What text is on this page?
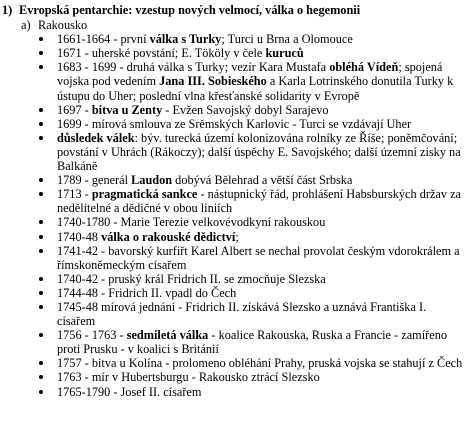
1) Evropská pentarchie: vzestup nových velmocí, válka o hegemonii
a) Rakousko
1661-1664 - první válka s Turky; Turci u Brna a Olomouce
1671 - uherské povstání; E. Tököly v čele kuruců
1683 - 1699 - druhá válka s Turky; vezír Kara Mustafa obléhá Vídeň; spojená vojska pod vedením Jana III. Sobieského a Karla Lotrinského donutila Turky k ústupu do Uher; poslední vlna křesťanské solidarity v Evropě
1697 - bitva u Zenty - Evžen Savojský dobyl Sarajevo
1699 - mírová smlouva ze Srěmských Karlovic - Turci se vzdávají Uher
důsledek válek: býv. turecká území kolonizována rolníky ze Říše; poněmčování; povstání v Uhrách (Rákoczy); další úspěchy E. Savojského; další územní zisky na Balkáně
1789 - generál Laudon dobývá Bělehrad a větší část Srbska
1713 - pragmatická sankce - nástupnický řád, prohlášení Habsburských držav za nedělitelné a dědičné v obou liniích
1740-1780 - Marie Terezie velkovévodkyní rakouskou
1740-48 válka o rakouské dědictví;
1741-42 - bavorský kurfiřt Karel Albert se nechal provolat českým vdorokrálem a římskoněmeckým císařem
1740-42 - pruský král Fridrich II. se zmocňuje Slezska
1744-48 - Fridrich II. vpadl do Čech
1745-48 mírová jednání - Fridrich II. získává Slezsko a uznává Františka I. císařem
1756 - 1763 - sedmiletá válka - koalice Rakouska, Ruska a Francie - zamířeno proti Prusku - v koalici s Británií
1757 - bitva u Kolína - prolomeno obléhání Prahy, pruská vojska se stahují z Čech
1763 - mír v Hubertsburgu - Rakousko ztrácí Slezsko
1765-1790 - Josef II. císařem
